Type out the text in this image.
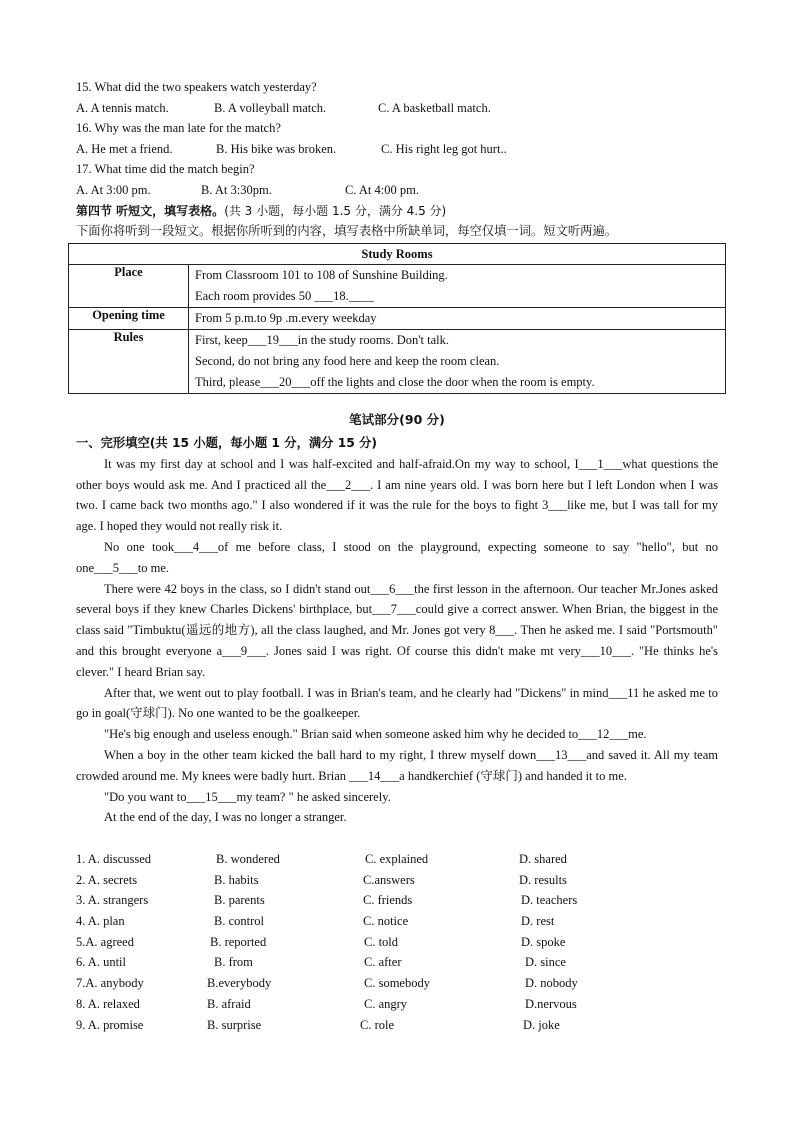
15. What did the two speakers watch yesterday?
A. A tennis match.	B. A volleyball match.	C. A basketball match.
16. Why was the man late for the match?
A. He met a friend.	B. His bike was broken.	C. His right leg got hurt..
17. What time did the match begin?
A. At 3:00 pm.	B. At 3:30pm.	C. At 4:00 pm.
第四节 听短文，填写表格。(共 3 小题，每小题 1.5 分，满分 4.5 分)
下面你将听到一段短文。根据你所听到的内容，填写表格中所缺单词，每空仅填一词。短文听两遍。
Study Rooms	
Place	From Classroom 101 to 108 of Sunshine Building.
Each room provides 50 ___18.____

Opening time	From 5 p.m.to 9p .m.every weekday

Rules	First, keep___19___in the study rooms. Don't talk.
Second, do not bring any food here and keep the room clean.
Third, please___20___off the lights and close the door when the room is empty.
笔试部分(90 分)
一、完形填空(共 15 小题，每小题 1 分，满分 15 分)
It was my first day at school and I was half-excited and half-afraid.On my way to school, I___1___what questions the other boys would ask me. And I practiced all the___2___. I am nine years old. I was born here but I left London when I was two. I came back two months ago." I also wondered if it was the rule for the boys to fight 3___like me, but I was tall for my age. I hoped they would not really risk it.
No one took___4___of me before class, I stood on the playground, expecting someone to say "hello", but no one___5___to me.
There were 42 boys in the class, so I didn't stand out___6___the first lesson in the afternoon. Our teacher Mr.Jones asked several boys if they knew Charles Dickens' birthplace, but___7___could give a correct answer. When Brian, the biggest in the class said "Timbuktu(遥远的地方), all the class laughed, and Mr. Jones got very 8___. Then he asked me. I said "Portsmouth" and this brought everyone a___9___. Jones said I was right. Of course this didn't make mt very___10___. "He thinks he's clever." I heard Brian say.
After that, we went out to play football. I was in Brian's team, and he clearly had "Dickens" in mind___11 he asked me to go in goal(守球门). No one wanted to be the goalkeeper.
"He's big enough and useless enough." Brian said when someone asked him why he decided to___12___me.
When a boy in the other team kicked the ball hard to my right, I threw myself down___13___and saved it. All my team crowded around me. My knees were badly hurt. Brian ___14___a handkerchief (守球门) and handed it to me.
"Do you want to___15___my team? " he asked sincerely.
At the end of the day, I was no longer a stranger.
1. A. discussed	B. wondered	C. explained	D. shared
2. A. secrets	B. habits	C.answers	D. results
3. A. strangers	B. parents	C. friends	D. teachers
4. A. plan	B. control	C. notice	D. rest
5.A. agreed	B. reported	C. told	D. spoke
6. A. until	B. from	C. after	D. since
7.A. anybody	B.everybody	C. somebody	D. nobody
8. A. relaxed	B. afraid	C. angry	D.nervous
9. A. promise	B. surprise	C. role	D. joke
